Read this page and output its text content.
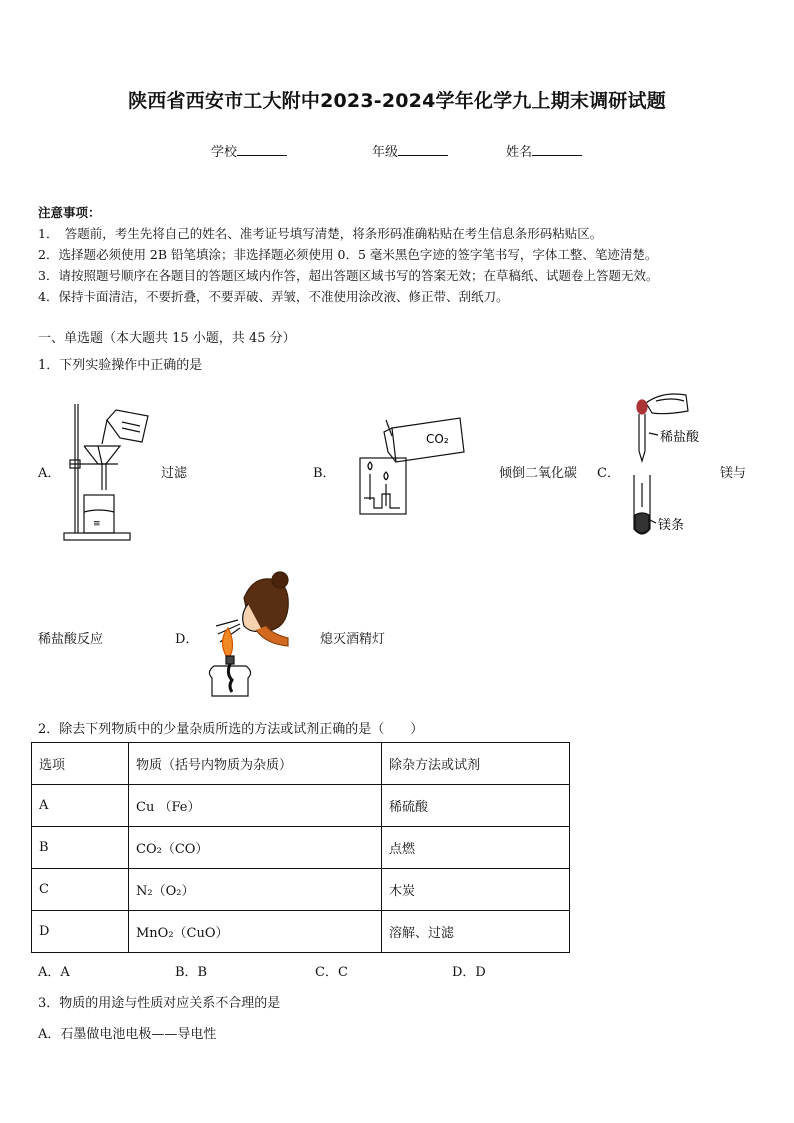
陕西省西安市工大附中2023-2024学年化学九上期末调研试题
学校	年级	姓名
注意事项：
1．　答题前，考生先将自己的姓名、准考证号填写清楚，将条形码准确粘贴在考生信息条形码粘贴区。
2．选择题必须使用 2B 铅笔填涂；非选择题必须使用 0．5 毫米黑色字迹的签字笔书写，字体工整、笔迹清楚。
3．请按照题号顺序在各题目的答题区域内作答，超出答题区域书写的答案无效；在草稿纸、试题卷上答题无效。
4．保持卡面清洁，不要折叠，不要弄破、弄皱，不准使用涂改液、修正带、刮纸刀。
一、单选题（本大题共 15 小题，共 45 分）
1．下列实验操作中正确的是
A．	过滤	B．	倾倒二氧化碳 C．	镁与
稀盐酸反应	D．	熄灭酒精灯
≡
CO₂	稀盐酸
镁条
2．除去下列物质中的少量杂质所选的方法或试剂正确的是（　　）
选项	物质（括号内物质为杂质）	除杂方法或试剂
A	Cu （Fe）	稀硫酸
B	CO₂（CO）	点燃
C	N₂（O₂）	木炭
D	MnO₂（CuO）	溶解、过滤
A．A	B．B	C．C	D．D
3．物质的用途与性质对应关系不合理的是
A．石墨做电池电极——导电性
